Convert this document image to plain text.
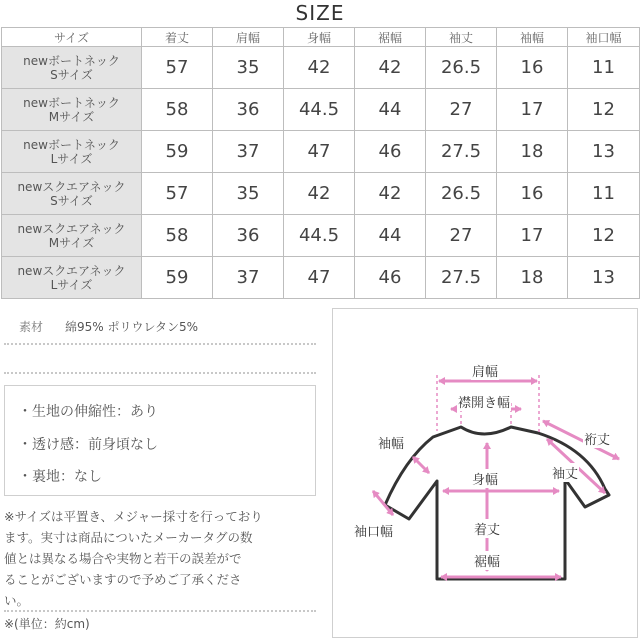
SIZE
サイズ	着丈	肩幅	身幅	裾幅	袖丈	袖幅	袖口幅

newボートネック
Sサイズ	57	35	42	42	26.5	16	11

newボートネック
Mサイズ	58	36	44.5	44	27	17	12

newボートネック
Lサイズ	59	37	47	46	27.5	18	13

newスクエアネック
Sサイズ	57	35	42	42	26.5	16	11

newスクエアネック
Mサイズ	58	36	44.5	44	27	17	12

newスクエアネック
Lサイズ	59	37	47	46	27.5	18	13
素材 綿95% ポリウレタン5%
・生地の伸縮性：あり
・透け感：前身頃なし
・裏地：なし
※サイズは平置き、メジャー採寸を行っており
ます。実寸は商品についたメーカータグの数
値とは異なる場合や実物と若干の誤差がで
ることがございますので予めご了承くださ
い。
※(単位：約cm)
肩幅
襟開き幅
裄丈
袖幅
袖丈
身幅
袖口幅	着丈
裾幅
